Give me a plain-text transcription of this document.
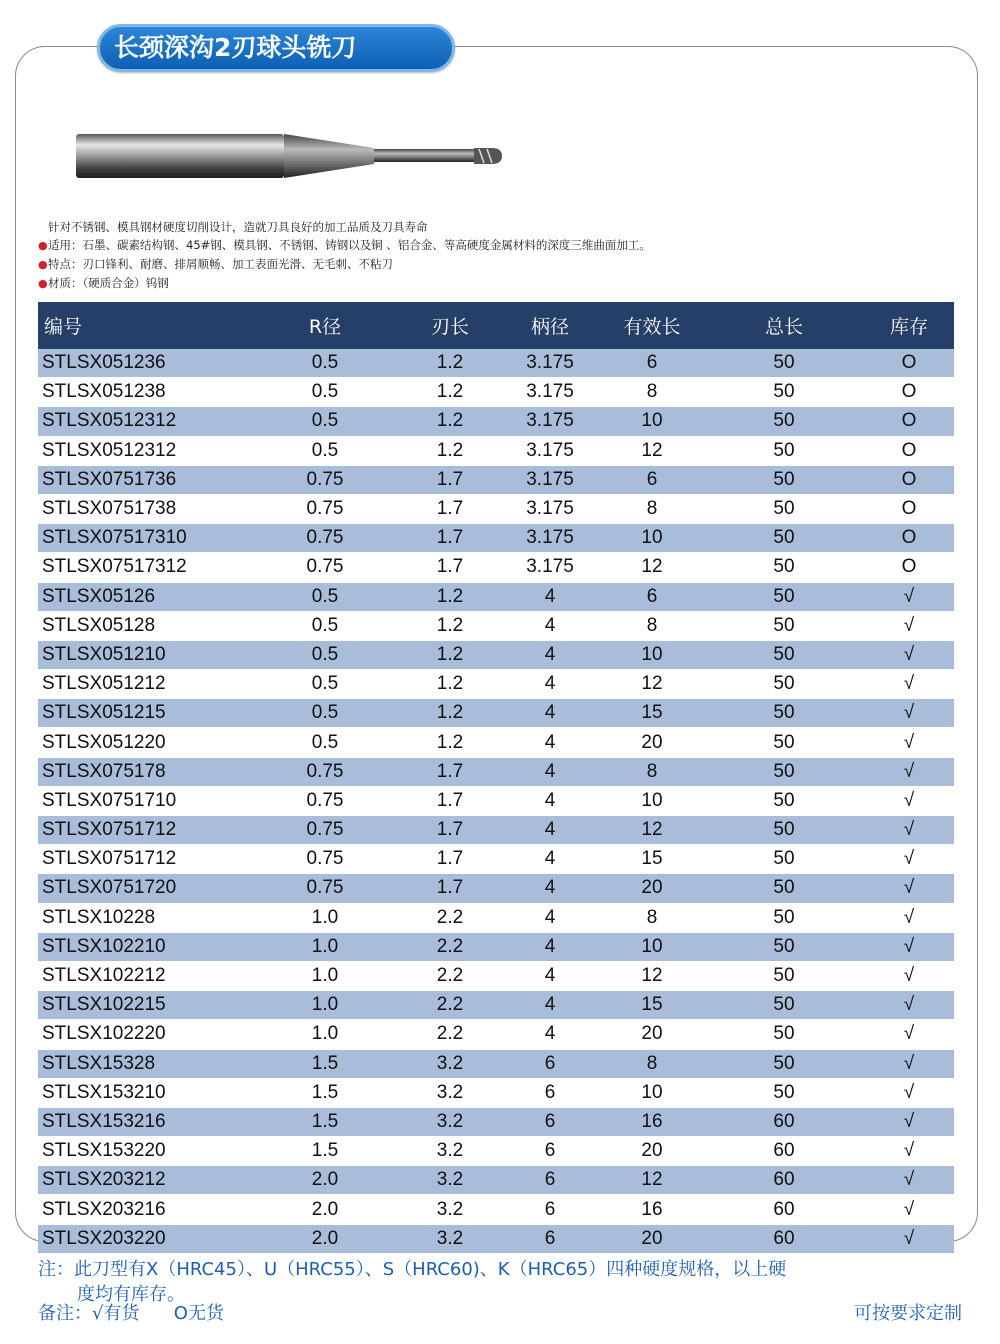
长颈深沟2刃球头铣刀
针对不锈钢、模具钢材硬度切削设计，造就刀具良好的加工品质及刀具寿命
●适用：石墨、碳素结构钢、45#钢、模具钢、不锈钢、铸钢以及铜 、铝合金、等高硬度金属材料的深度三维曲面加工。
●特点：刃口锋利、耐磨、排屑顺畅、加工表面光滑、无毛刺、不粘刀
●材质：（硬质合金）钨钢
编号	R径	刃长	柄径	有效长	总长	库存
STLSX051236	0.5	1.2	3.175	6	50	O
STLSX051238	0.5	1.2	3.175	8	50	O
STLSX0512312	0.5	1.2	3.175	10	50	O
STLSX0512312	0.5	1.2	3.175	12	50	O
STLSX0751736	0.75	1.7	3.175	6	50	O
STLSX0751738	0.75	1.7	3.175	8	50	O
STLSX07517310	0.75	1.7	3.175	10	50	O
STLSX07517312	0.75	1.7	3.175	12	50	O
STLSX05126	0.5	1.2	4	6	50	√
STLSX05128	0.5	1.2	4	8	50	√
STLSX051210	0.5	1.2	4	10	50	√
STLSX051212	0.5	1.2	4	12	50	√
STLSX051215	0.5	1.2	4	15	50	√
STLSX051220	0.5	1.2	4	20	50	√
STLSX075178	0.75	1.7	4	8	50	√
STLSX0751710	0.75	1.7	4	10	50	√
STLSX0751712	0.75	1.7	4	12	50	√
STLSX0751712	0.75	1.7	4	15	50	√
STLSX0751720	0.75	1.7	4	20	50	√
STLSX10228	1.0	2.2	4	8	50	√
STLSX102210	1.0	2.2	4	10	50	√
STLSX102212	1.0	2.2	4	12	50	√
STLSX102215	1.0	2.2	4	15	50	√
STLSX102220	1.0	2.2	4	20	50	√
STLSX15328	1.5	3.2	6	8	50	√
STLSX153210	1.5	3.2	6	10	50	√
STLSX153216	1.5	3.2	6	16	60	√
STLSX153220	1.5	3.2	6	20	60	√
STLSX203212	2.0	3.2	6	12	60	√
STLSX203216	2.0	3.2	6	16	60	√
STLSX203220	2.0	3.2	6	20	60	√
注：此刀型有X（HRC45）、U（HRC55）、S（HRC60)、K（HRC65）四种硬度规格，以上硬
度均有库存。
备注：√有货      O无货	可按要求定制
